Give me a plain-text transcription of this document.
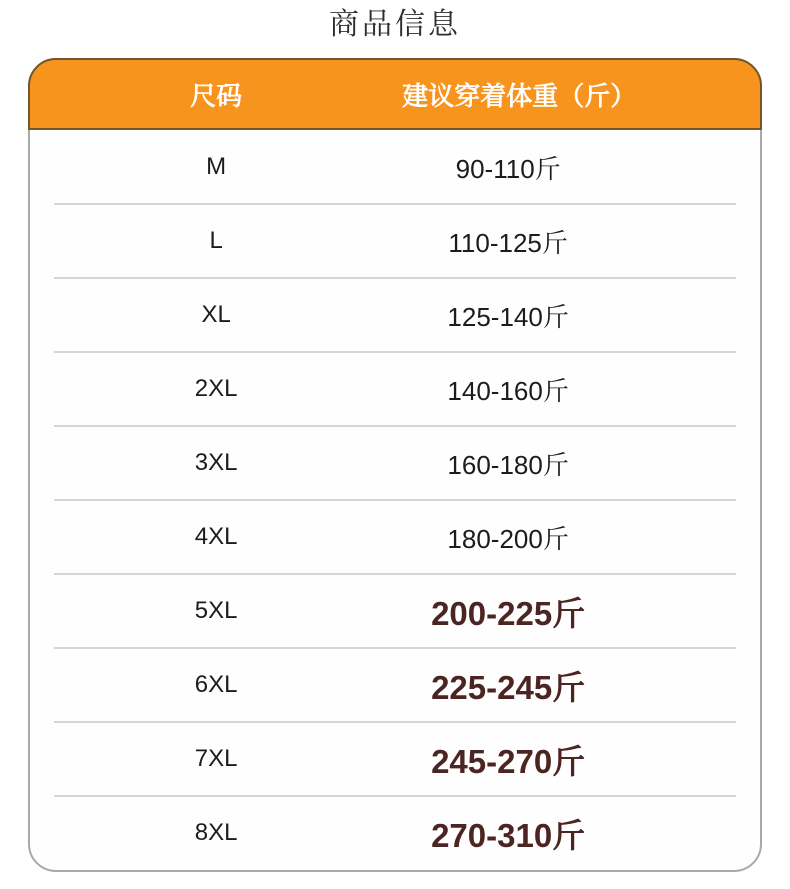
商品信息
尺码	建议穿着体重（斤）
M	90-110斤
L	110-125斤
XL	125-140斤
2XL	140-160斤
3XL	160-180斤
4XL	180-200斤
5XL	200-225斤
6XL	225-245斤
7XL	245-270斤
8XL	270-310斤
